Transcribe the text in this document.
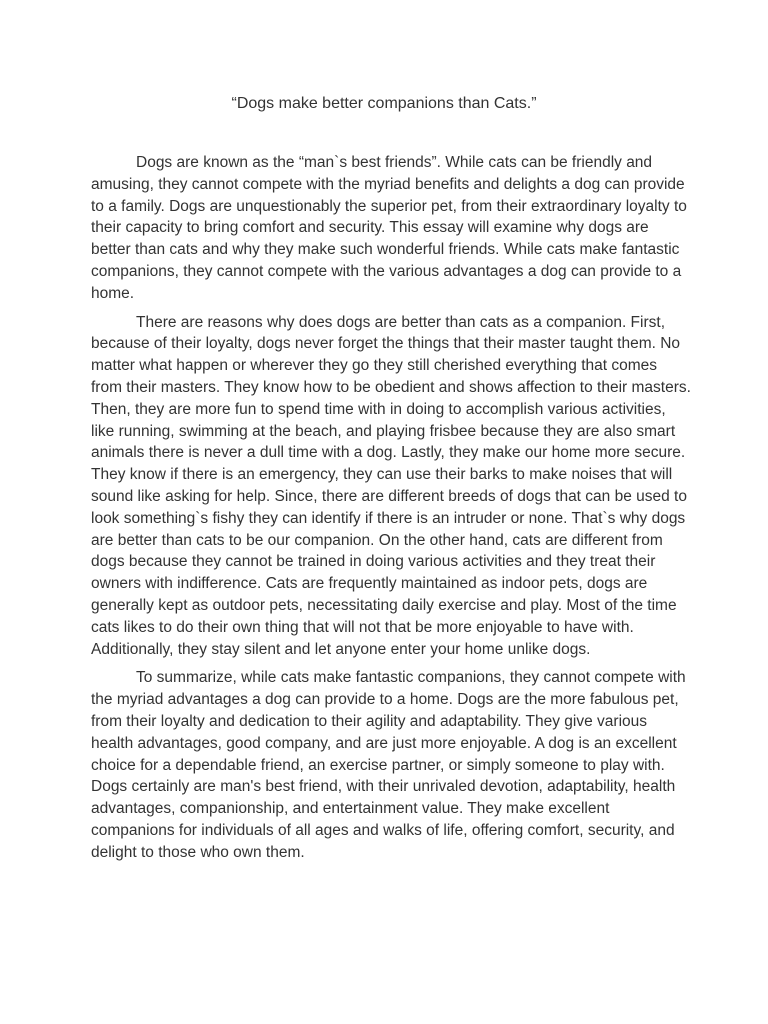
“Dogs make better companions than Cats.”

Dogs are known as the “man`s best friends”. While cats can be friendly and amusing, they cannot compete with the myriad benefits and delights a dog can provide to a family. Dogs are unquestionably the superior pet, from their extraordinary loyalty to their capacity to bring comfort and security. This essay will examine why dogs are better than cats and why they make such wonderful friends. While cats make fantastic companions, they cannot compete with the various advantages a dog can provide to a home.

There are reasons why does dogs are better than cats as a companion. First, because of their loyalty, dogs never forget the things that their master taught them. No matter what happen or wherever they go they still cherished everything that comes from their masters. They know how to be obedient and shows affection to their masters. Then, they are more fun to spend time with in doing to accomplish various activities, like running, swimming at the beach, and playing frisbee because they are also smart animals there is never a dull time with a dog. Lastly, they make our home more secure. They know if there is an emergency, they can use their barks to make noises that will sound like asking for help. Since, there are different breeds of dogs that can be used to look something`s fishy they can identify if there is an intruder or none. That`s why dogs are better than cats to be our companion. On the other hand, cats are different from dogs because they cannot be trained in doing various activities and they treat their owners with indifference. Cats are frequently maintained as indoor pets, dogs are generally kept as outdoor pets, necessitating daily exercise and play. Most of the time cats likes to do their own thing that will not that be more enjoyable to have with. Additionally, they stay silent and let anyone enter your home unlike dogs.

To summarize, while cats make fantastic companions, they cannot compete with the myriad advantages a dog can provide to a home. Dogs are the more fabulous pet, from their loyalty and dedication to their agility and adaptability. They give various health advantages, good company, and are just more enjoyable. A dog is an excellent choice for a dependable friend, an exercise partner, or simply someone to play with. Dogs certainly are man's best friend, with their unrivaled devotion, adaptability, health advantages, companionship, and entertainment value. They make excellent companions for individuals of all ages and walks of life, offering comfort, security, and delight to those who own them.
